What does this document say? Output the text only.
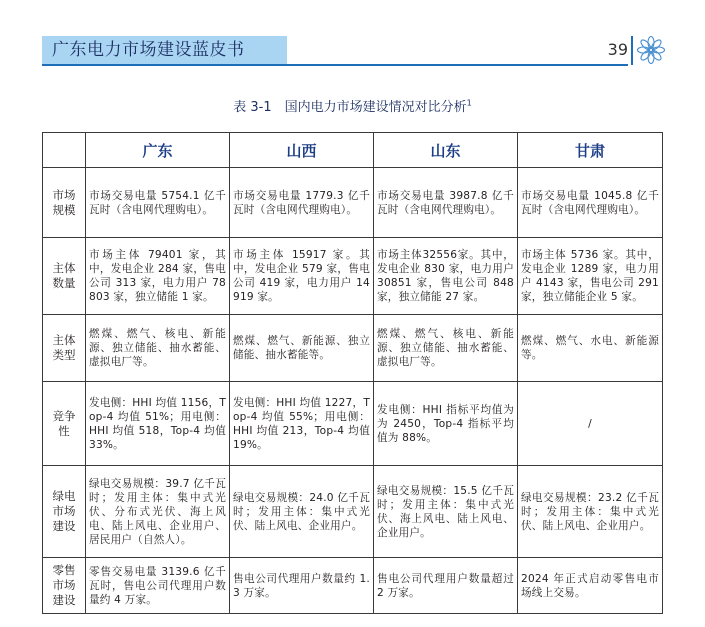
广东电力市场建设蓝皮书	39
表 3-1　国内电力市场建设情况对比分析$^1$
	广东	山西	山东	甘肃
市场规模	市场交易电量 5754.1 亿千瓦时（含电网代理购电）。	市场交易电量 1779.3 亿千瓦时（含电网代理购电）。	市场交易电量 3987.8 亿千瓦时（含电网代理购电）。	市场交易电量 1045.8 亿千瓦时（含电网代理购电）。
主体数量	市场主体 79401 家，其中，发电企业 284 家，售电公司 313 家，电力用户 78803 家，独立储能 1 家。	市场主体 15917 家。其中，发电企业 579 家，售电公司 419 家，电力用户 14919 家。	市场主体32556家。其中，发电企业 830 家，电力用户 30851 家，售电公司 848 家，独立储能 27 家。	市场主体 5736 家。其中，发电企业 1289 家，电力用户 4143 家，售电公司 291 家，独立储能企业 5 家。
主体类型	燃煤、燃气、核电、新能源、独立储能、抽水蓄能、虚拟电厂等。	燃煤、燃气、新能源、独立储能、抽水蓄能等。	燃煤、燃气、核电、新能源、独立储能、抽水蓄能、虚拟电厂等。	燃煤、燃气、水电、新能源等。
竞争性	发电侧：HHI 均值 1156，Top-4 均值 51%；用电侧：HHI 均值 518，Top-4 均值 33%。	发电侧：HHI 均值 1227，Top-4 均值 55%；用电侧：HHI 均值 213，Top-4 均值 19%。	发电侧：HHI 指标平均值为为 2450，Top-4 指标平均值为 88%。	/
绿电市场建设	绿电交易规模：39.7 亿千瓦时；发用主体：集中式光伏、分布式光伏、海上风电、陆上风电、企业用户、居民用户（自然人）。	绿电交易规模：24.0 亿千瓦时；发用主体：集中式光伏、陆上风电、企业用户。	绿电交易规模：15.5 亿千瓦时；发用主体：集中式光伏、海上风电、陆上风电、企业用户。	绿电交易规模：23.2 亿千瓦时；发用主体：集中式光伏、陆上风电、企业用户。
零售市场建设	零售交易电量 3139.6 亿千瓦时，售电公司代理用户数量约 4 万家。	售电公司代理用户数量约 1.3 万家。	售电公司代理用户数量超过 2 万家。	2024 年正式启动零售电市场线上交易。
